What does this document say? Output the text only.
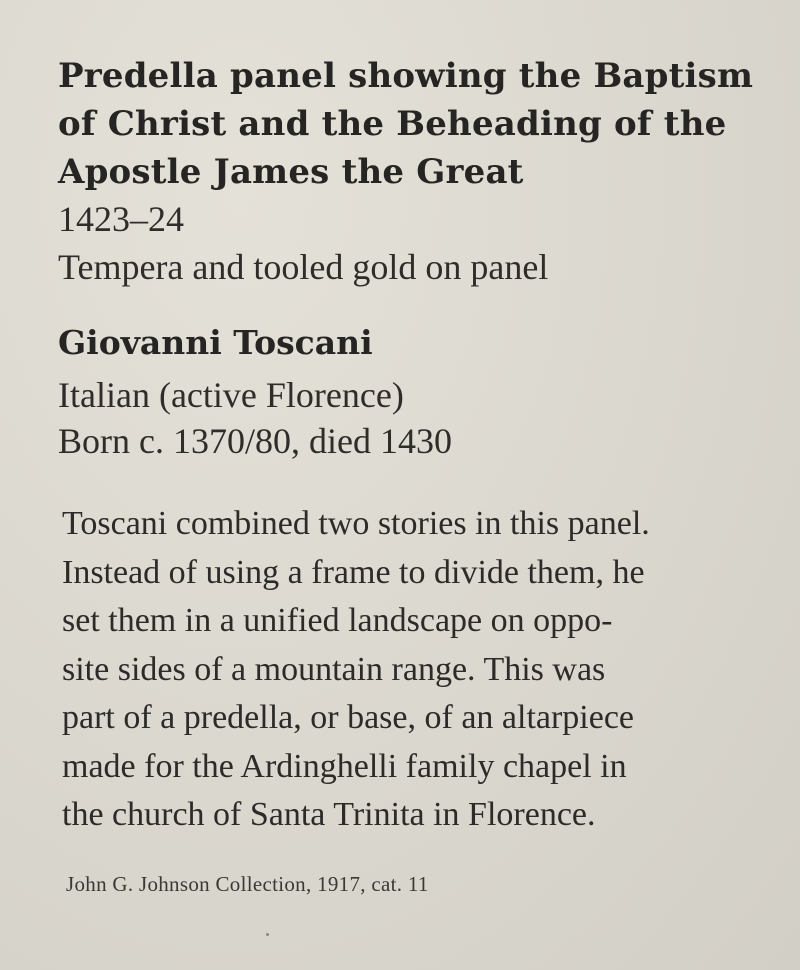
Predella panel showing the Baptism
of Christ and the Beheading of the
Apostle James the Great
1423–24
Tempera and tooled gold on panel
Giovanni Toscani
Italian (active Florence)
Born c. 1370/80, died 1430

Toscani combined two stories in this panel.
Instead of using a frame to divide them, he
set them in a unified landscape on oppo-
site sides of a mountain range. This was
part of a predella, or base, of an altarpiece
made for the Ardinghelli family chapel in
the church of Santa Trinita in Florence.

John G. Johnson Collection, 1917, cat. 11
